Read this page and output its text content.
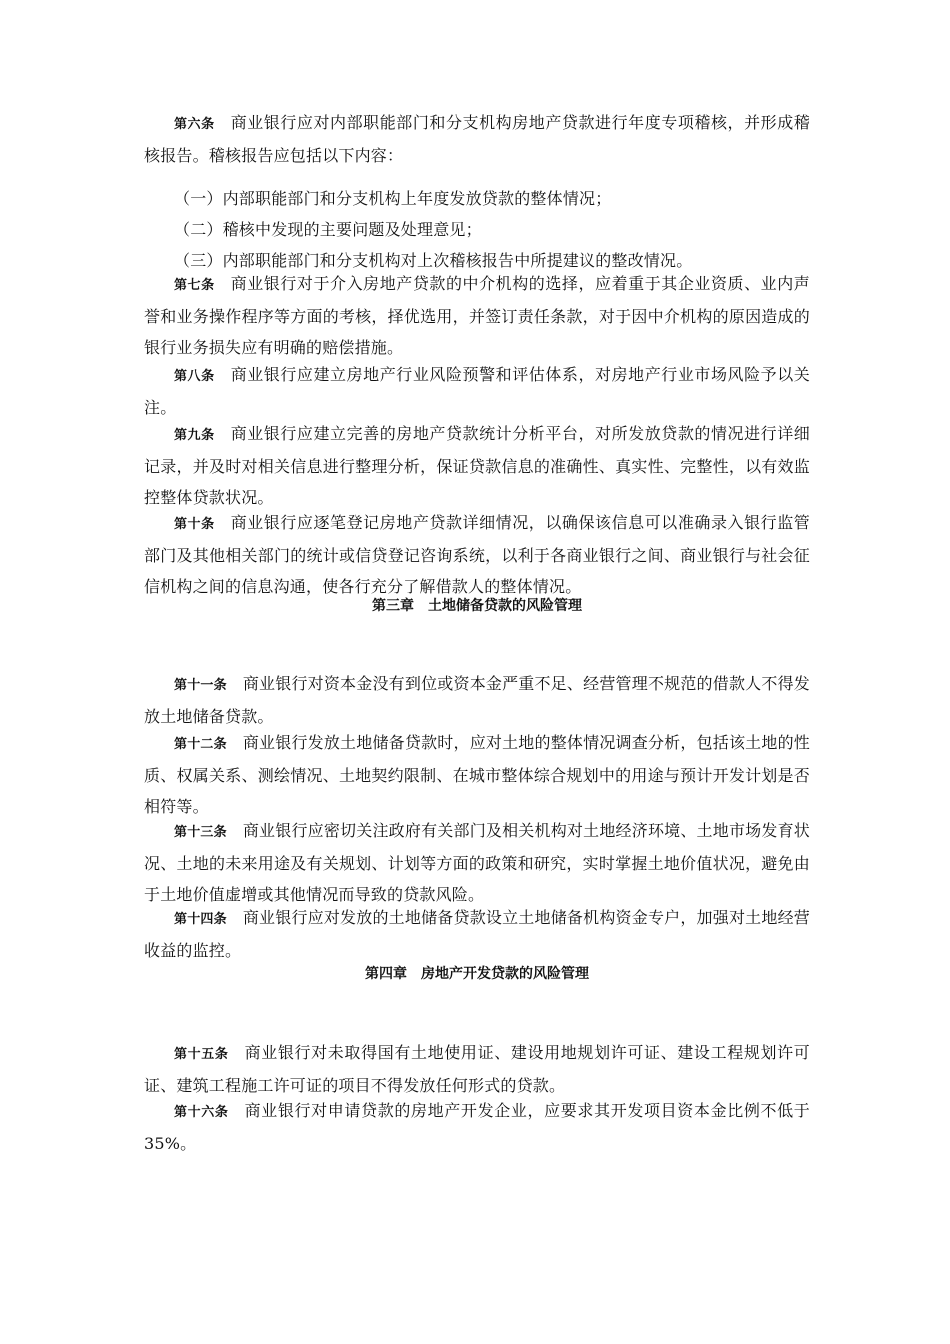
第六条 商业银行应对内部职能部门和分支机构房地产贷款进行年度专项稽核，并形成稽核报告。稽核报告应包括以下内容：

（一）内部职能部门和分支机构上年度发放贷款的整体情况；
（二）稽核中发现的主要问题及处理意见；
（三）内部职能部门和分支机构对上次稽核报告中所提建议的整改情况。

第七条 商业银行对于介入房地产贷款的中介机构的选择，应着重于其企业资质、业内声誉和业务操作程序等方面的考核，择优选用，并签订责任条款，对于因中介机构的原因造成的银行业务损失应有明确的赔偿措施。

第八条 商业银行应建立房地产行业风险预警和评估体系，对房地产行业市场风险予以关注。

第九条 商业银行应建立完善的房地产贷款统计分析平台，对所发放贷款的情况进行详细记录，并及时对相关信息进行整理分析，保证贷款信息的准确性、真实性、完整性，以有效监控整体贷款状况。

第十条 商业银行应逐笔登记房地产贷款详细情况，以确保该信息可以准确录入银行监管部门及其他相关部门的统计或信贷登记咨询系统，以利于各商业银行之间、商业银行与社会征信机构之间的信息沟通，使各行充分了解借款人的整体情况。

第三章　土地储备贷款的风险管理

第十一条 商业银行对资本金没有到位或资本金严重不足、经营管理不规范的借款人不得发放土地储备贷款。

第十二条 商业银行发放土地储备贷款时，应对土地的整体情况调查分析，包括该土地的性质、权属关系、测绘情况、土地契约限制、在城市整体综合规划中的用途与预计开发计划是否相符等。

第十三条 商业银行应密切关注政府有关部门及相关机构对土地经济环境、土地市场发育状况、土地的未来用途及有关规划、计划等方面的政策和研究，实时掌握土地价值状况，避免由于土地价值虚增或其他情况而导致的贷款风险。

第十四条 商业银行应对发放的土地储备贷款设立土地储备机构资金专户，加强对土地经营收益的监控。

第四章　房地产开发贷款的风险管理

第十五条 商业银行对未取得国有土地使用证、建设用地规划许可证、建设工程规划许可证、建筑工程施工许可证的项目不得发放任何形式的贷款。

第十六条 商业银行对申请贷款的房地产开发企业，应要求其开发项目资本金比例不低于35%。
